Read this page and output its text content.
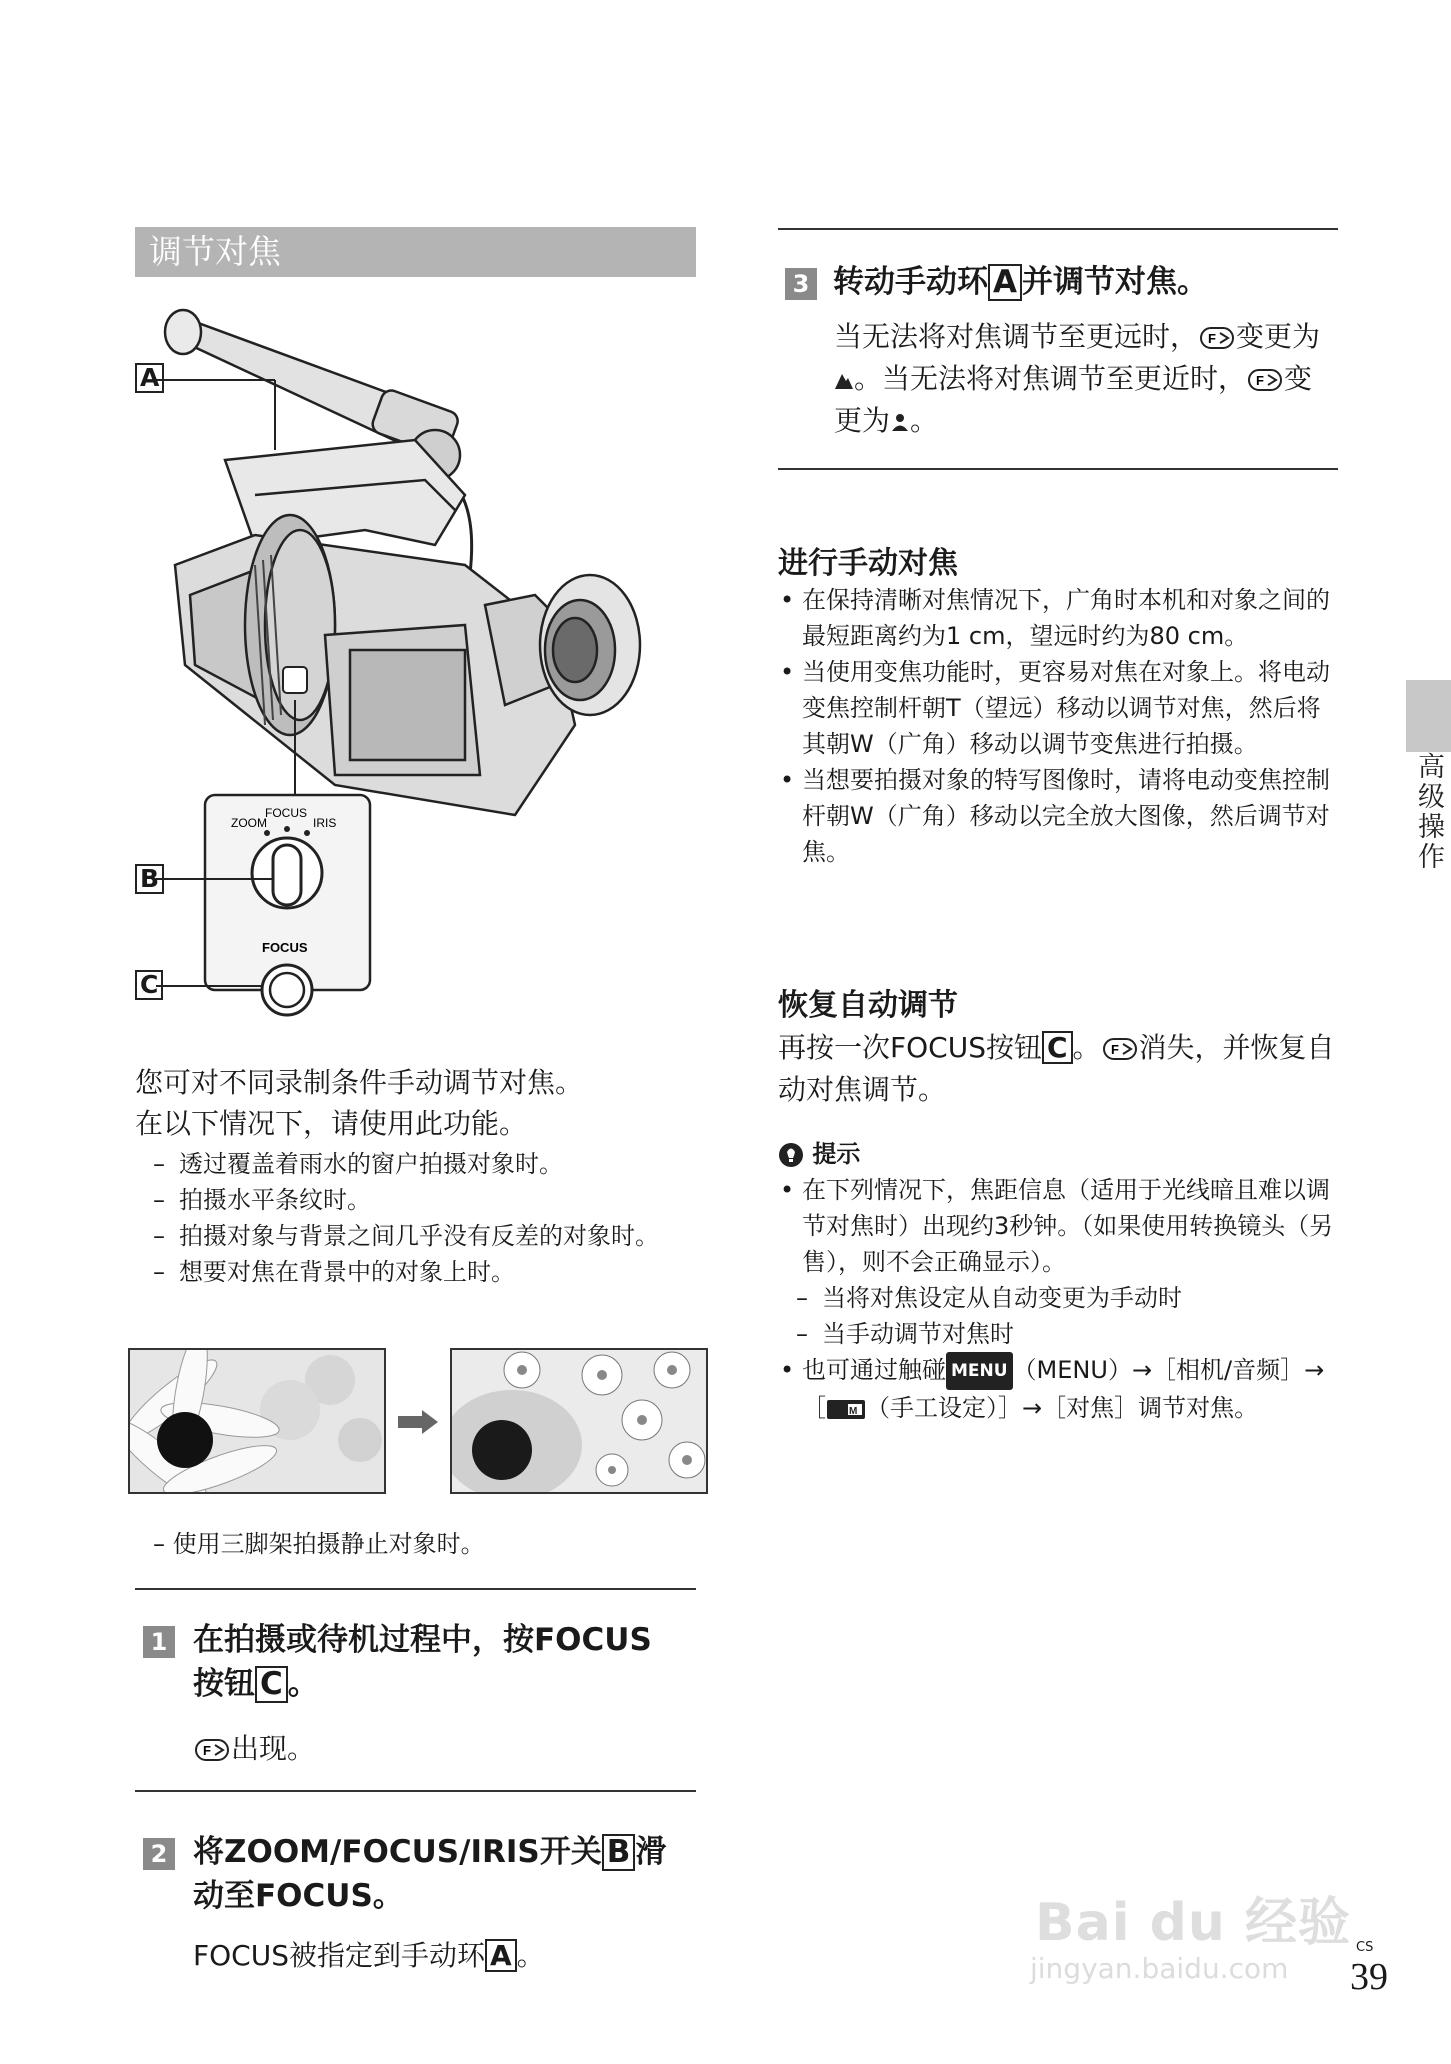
调节对焦
ZOOM
FOCUS
IRIS
FOCUS
A
B
C
您可对不同录制条件手动调节对焦。
在以下情况下，请使用此功能。
– 透过覆盖着雨水的窗户拍摄对象时。
– 拍摄水平条纹时。
– 拍摄对象与背景之间几乎没有反差的对象时。
– 想要对焦在背景中的对象上时。
– 使用三脚架拍摄静止对象时。
1 在拍摄或待机过程中，按FOCUS按钮 C 。
F 出现。
2 将ZOOM/FOCUS/IRIS开关 B 滑动至FOCUS。
FOCUS被指定到手动环 A 。
3 转动手动环 A 并调节对焦。
当无法将对焦调节至更远时， F 变更为。当无法将对焦调节至更近时， F 变更为 。
进行手动对焦
• 在保持清晰对焦情况下，广角时本机和对象之间的最短距离约为1 cm，望远时约为80 cm。
• 当使用变焦功能时，更容易对焦在对象上。将电动变焦控制杆朝T（望远）移动以调节对焦，然后将其朝W（广角）移动以调节变焦进行拍摄。
• 当想要拍摄对象的特写图像时，请将电动变焦控制杆朝W（广角）移动以完全放大图像，然后调节对焦。
恢复自动调节
再按一次FOCUS按钮 C 。 F 消失，并恢复自动对焦调节。
提示
• 在下列情况下，焦距信息（适用于光线暗且难以调节对焦时）出现约3秒钟。（如果使用转换镜头（另售），则不会正确显示）。
– 当将对焦设定从自动变更为手动时
– 当手动调节对焦时
• 也可通过触碰 MENU （MENU）→［相机/音频］→［ M （手工设定）］→［对焦］调节对焦。
高级操作
Bai du 经验
jingyan.baidu.com
CS
39
